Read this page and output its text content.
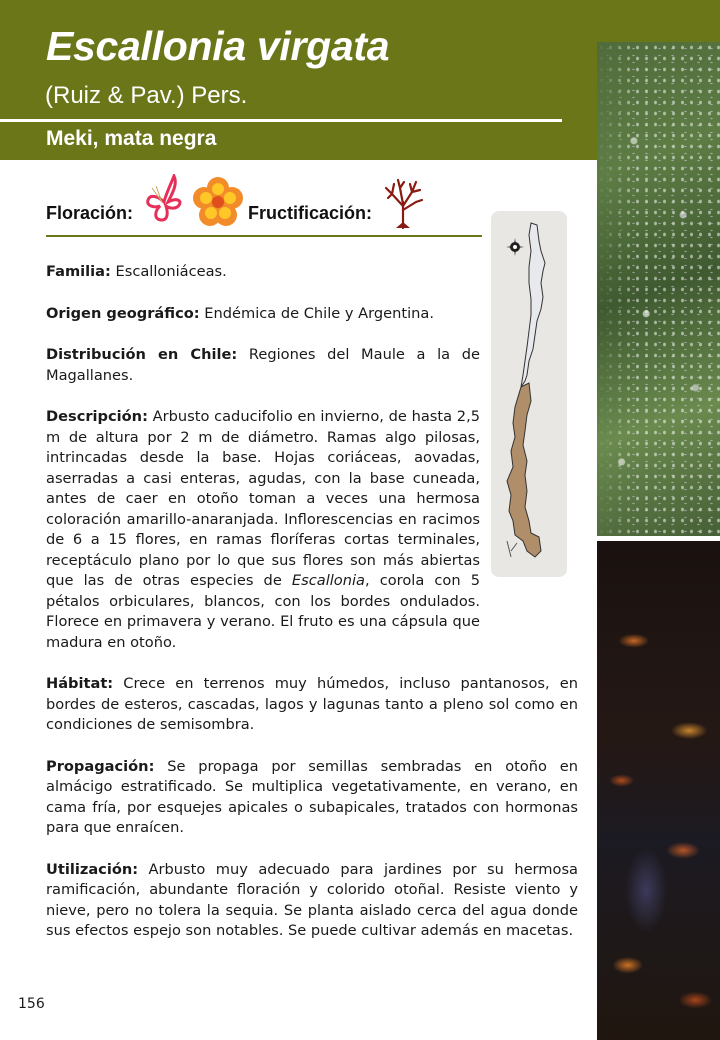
Escallonia virgata
(Ruiz & Pav.) Pers.
Meki, mata negra
Floración:	Fructificación:

Familia: Escalloniáceas.

Origen geográfico: Endémica de Chile y Argentina.

Distribución en Chile: Regiones del Maule a la de Magallanes.

Descripción: Arbusto caducifolio en invierno, de hasta 2,5 m de altura por 2 m de diámetro. Ramas algo pilosas, intrincadas desde la base. Hojas coriáceas, aovadas, aserradas a casi enteras, agudas, con la base cuneada, antes de caer en otoño toman a veces una hermosa coloración amarillo-anaranjada. Inflorescencias en racimos de 6 a 15 flores, en ramas floríferas cortas terminales, receptáculo plano por lo que sus flores son más abiertas que las de otras especies de Escallonia, corola con 5 pétalos orbiculares, blancos, con los bordes ondulados. Florece en primavera y verano. El fruto es una cápsula que madura en otoño.

Hábitat: Crece en terrenos muy húmedos, incluso pantanosos, en bordes de esteros, cascadas, lagos y lagunas tanto a pleno sol como en condiciones de semisombra.

Propagación: Se propaga por semillas sembradas en otoño en almácigo estratificado. Se multiplica vegetativamente, en verano, en cama fría, por esquejes apicales o subapicales, tratados con hormonas para que enraícen.

Utilización: Arbusto muy adecuado para jardines por su hermosa ramificación, abundante floración y colorido otoñal. Resiste viento y nieve, pero no tolera la sequia. Se planta aislado cerca del agua donde sus efectos espejo son notables. Se puede cultivar además en macetas.

156
